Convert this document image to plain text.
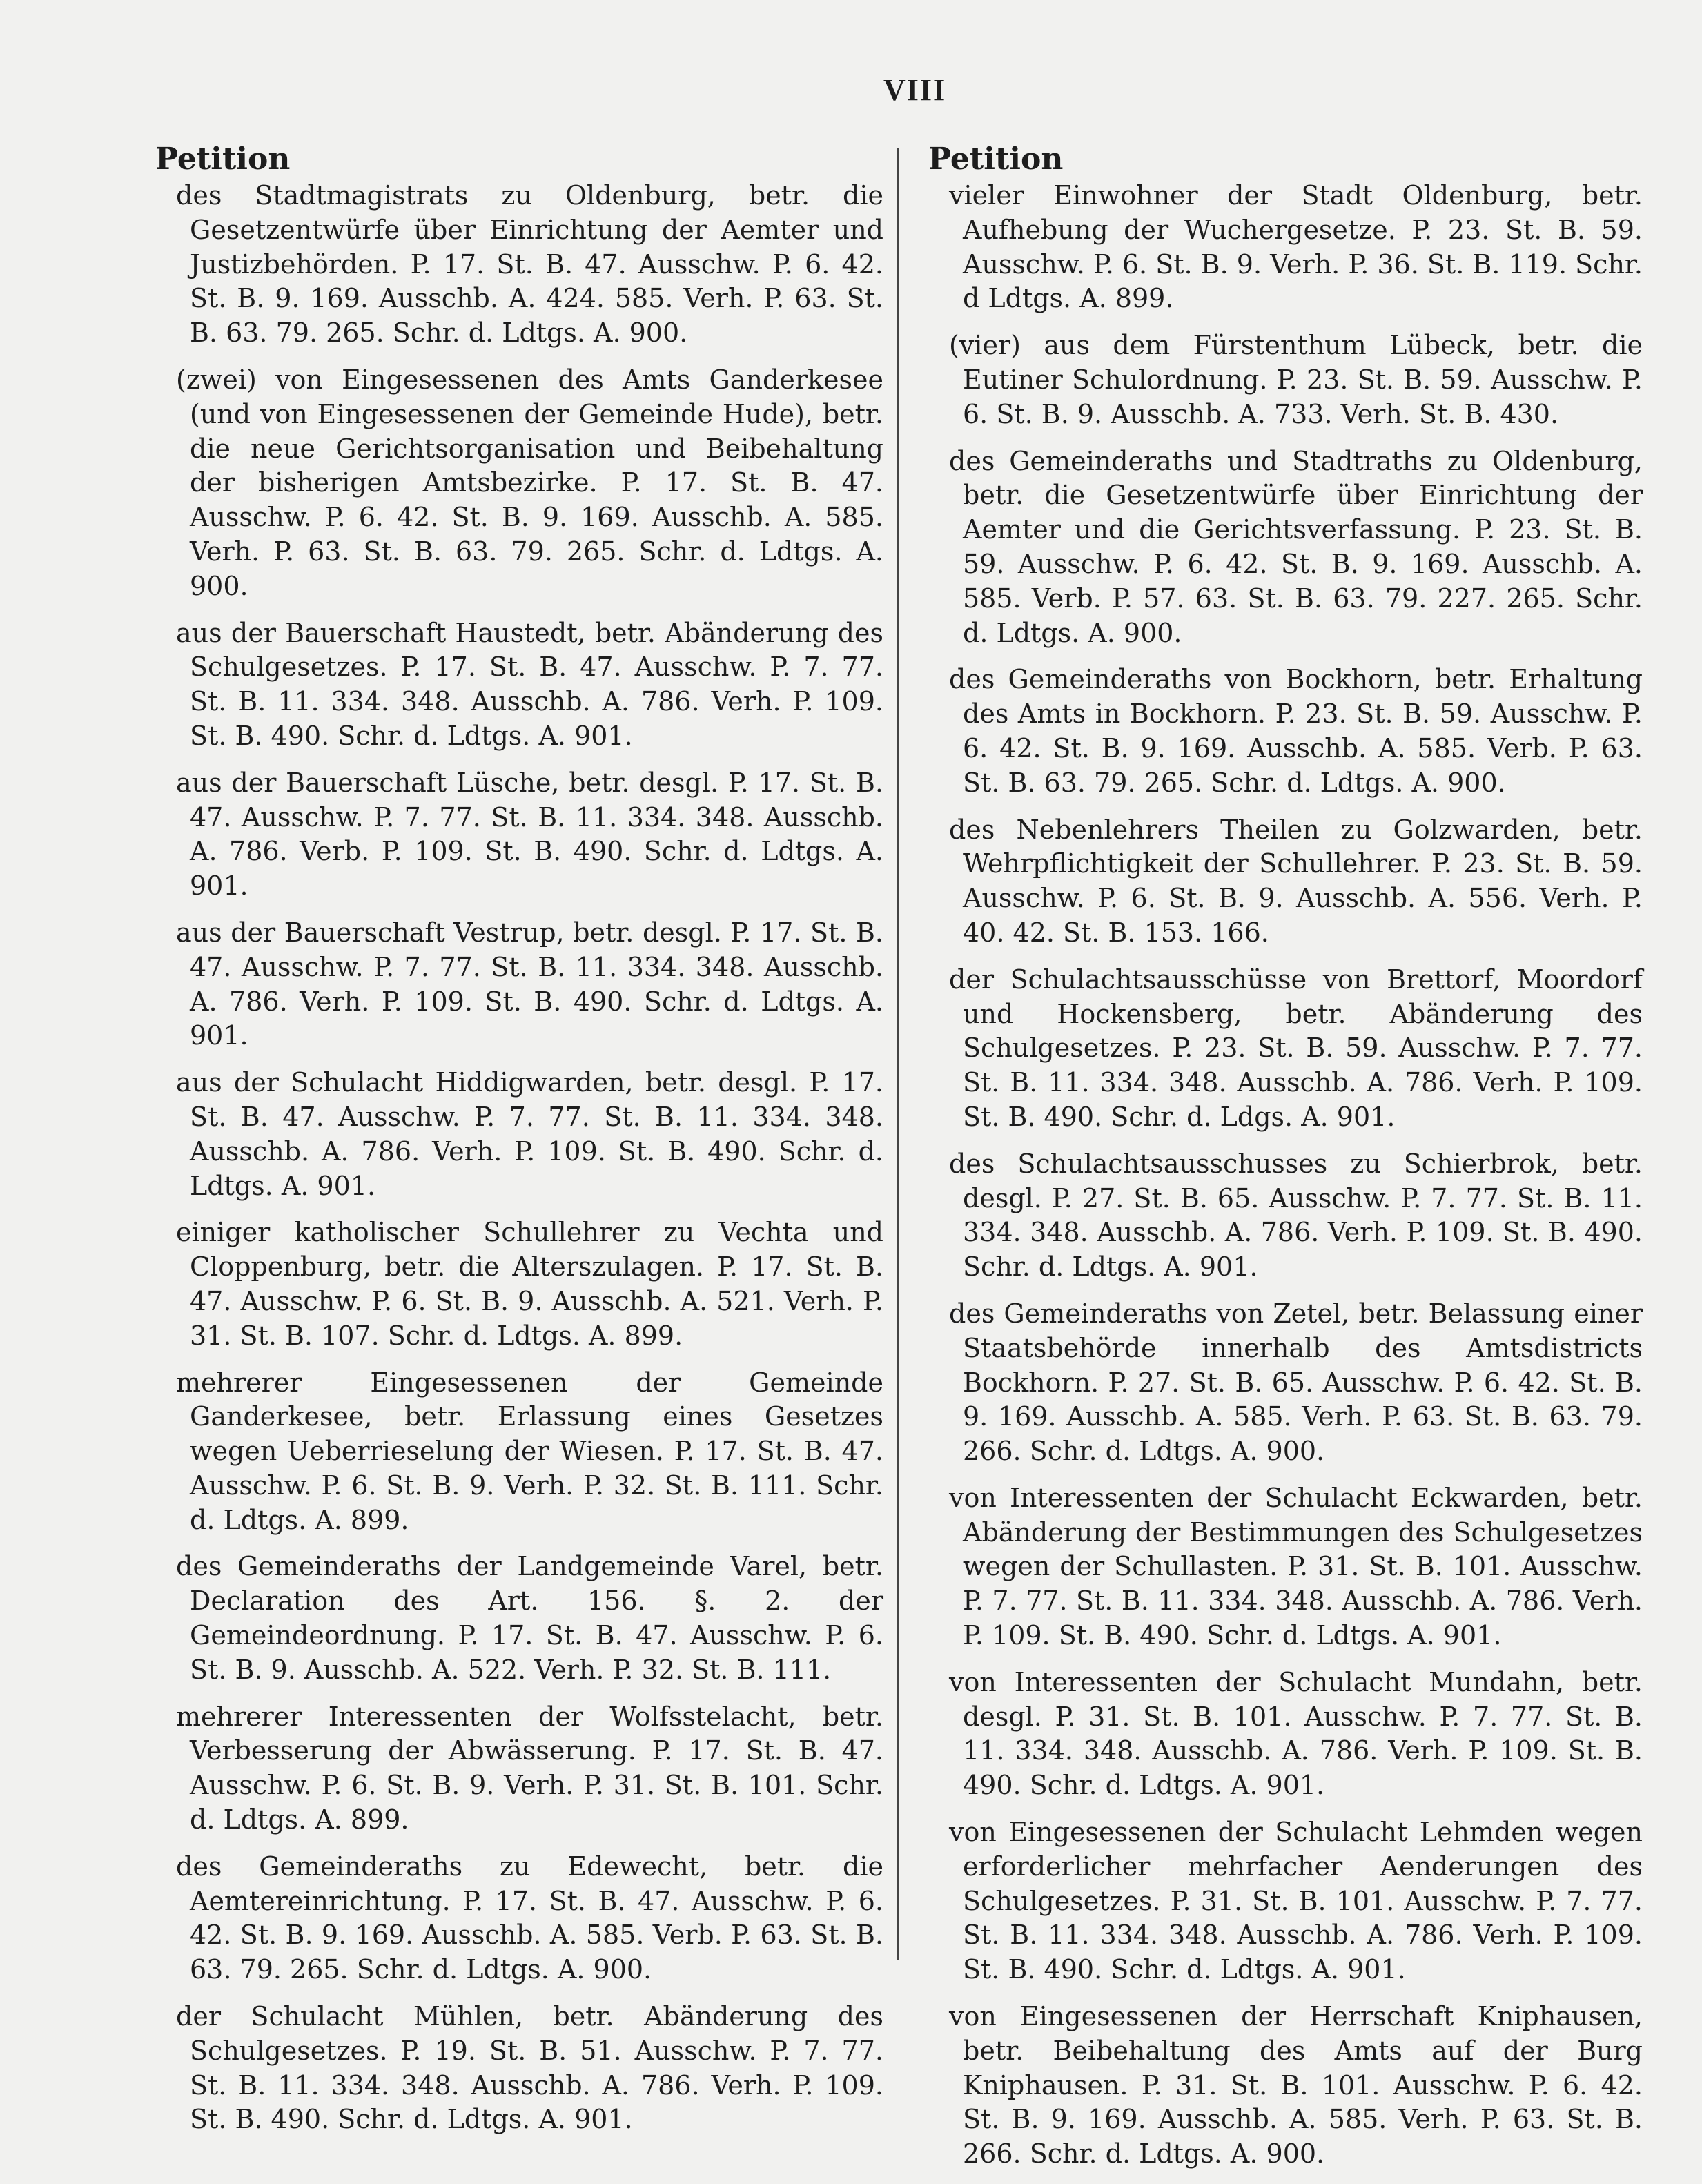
VIII
Petition

des Stadtmagistrats zu Oldenburg, betr. die Gesetzentwürfe über Einrichtung der Aemter und Justizbehörden. P. 17. St. B. 47. Ausschw. P. 6. 42. St. B. 9. 169. Ausschb. A. 424. 585. Verh. P. 63. St. B. 63. 79. 265. Schr. d. Ldtgs. A. 900.

(zwei) von Eingesessenen des Amts Ganderkesee (und von Eingesessenen der Gemeinde Hude), betr. die neue Gerichtsorganisation und Beibehaltung der bisherigen Amtsbezirke. P. 17. St. B. 47. Ausschw. P. 6. 42. St. B. 9. 169. Ausschb. A. 585. Verh. P. 63. St. B. 63. 79. 265. Schr. d. Ldtgs. A. 900.

aus der Bauerschaft Haustedt, betr. Abänderung des Schulgesetzes. P. 17. St. B. 47. Ausschw. P. 7. 77. St. B. 11. 334. 348. Ausschb. A. 786. Verh. P. 109. St. B. 490. Schr. d. Ldtgs. A. 901.

aus der Bauerschaft Lüsche, betr. desgl. P. 17. St. B. 47. Ausschw. P. 7. 77. St. B. 11. 334. 348. Ausschb. A. 786. Verb. P. 109. St. B. 490. Schr. d. Ldtgs. A. 901.

aus der Bauerschaft Vestrup, betr. desgl. P. 17. St. B. 47. Ausschw. P. 7. 77. St. B. 11. 334. 348. Ausschb. A. 786. Verh. P. 109. St. B. 490. Schr. d. Ldtgs. A. 901.

aus der Schulacht Hiddigwarden, betr. desgl. P. 17. St. B. 47. Ausschw. P. 7. 77. St. B. 11. 334. 348. Ausschb. A. 786. Verh. P. 109. St. B. 490. Schr. d. Ldtgs. A. 901.

einiger katholischer Schullehrer zu Vechta und Cloppenburg, betr. die Alterszulagen. P. 17. St. B. 47. Ausschw. P. 6. St. B. 9. Ausschb. A. 521. Verh. P. 31. St. B. 107. Schr. d. Ldtgs. A. 899.

mehrerer Eingesessenen der Gemeinde Ganderkesee, betr. Erlassung eines Gesetzes wegen Ueberrieselung der Wiesen. P. 17. St. B. 47. Ausschw. P. 6. St. B. 9. Verh. P. 32. St. B. 111. Schr. d. Ldtgs. A. 899.

des Gemeinderaths der Landgemeinde Varel, betr. Declaration des Art. 156. §. 2. der Gemeindeordnung. P. 17. St. B. 47. Ausschw. P. 6. St. B. 9. Ausschb. A. 522. Verh. P. 32. St. B. 111.

mehrerer Interessenten der Wolfsstelacht, betr. Verbesserung der Abwässerung. P. 17. St. B. 47. Ausschw. P. 6. St. B. 9. Verh. P. 31. St. B. 101. Schr. d. Ldtgs. A. 899.

des Gemeinderaths zu Edewecht, betr. die Aemtereinrichtung. P. 17. St. B. 47. Ausschw. P. 6. 42. St. B. 9. 169. Ausschb. A. 585. Verb. P. 63. St. B. 63. 79. 265. Schr. d. Ldtgs. A. 900.

der Schulacht Mühlen, betr. Abänderung des Schulgesetzes. P. 19. St. B. 51. Ausschw. P. 7. 77. St. B. 11. 334. 348. Ausschb. A. 786. Verh. P. 109. St. B. 490. Schr. d. Ldtgs. A. 901.

Petition

vieler Einwohner der Stadt Oldenburg, betr. Aufhebung der Wuchergesetze. P. 23. St. B. 59. Ausschw. P. 6. St. B. 9. Verh. P. 36. St. B. 119. Schr. d Ldtgs. A. 899.

(vier) aus dem Fürstenthum Lübeck, betr. die Eutiner Schulordnung. P. 23. St. B. 59. Ausschw. P. 6. St. B. 9. Ausschb. A. 733. Verh. St. B. 430.

des Gemeinderaths und Stadtraths zu Oldenburg, betr. die Gesetzentwürfe über Einrichtung der Aemter und die Gerichtsverfassung. P. 23. St. B. 59. Ausschw. P. 6. 42. St. B. 9. 169. Ausschb. A. 585. Verb. P. 57. 63. St. B. 63. 79. 227. 265. Schr. d. Ldtgs. A. 900.

des Gemeinderaths von Bockhorn, betr. Erhaltung des Amts in Bockhorn. P. 23. St. B. 59. Ausschw. P. 6. 42. St. B. 9. 169. Ausschb. A. 585. Verb. P. 63. St. B. 63. 79. 265. Schr. d. Ldtgs. A. 900.

des Nebenlehrers Theilen zu Golzwarden, betr. Wehrpflichtigkeit der Schullehrer. P. 23. St. B. 59. Ausschw. P. 6. St. B. 9. Ausschb. A. 556. Verh. P. 40. 42. St. B. 153. 166.

der Schulachtsausschüsse von Brettorf, Moordorf und Hockensberg, betr. Abänderung des Schulgesetzes. P. 23. St. B. 59. Ausschw. P. 7. 77. St. B. 11. 334. 348. Ausschb. A. 786. Verh. P. 109. St. B. 490. Schr. d. Ldgs. A. 901.

des Schulachtsausschusses zu Schierbrok, betr. desgl. P. 27. St. B. 65. Ausschw. P. 7. 77. St. B. 11. 334. 348. Ausschb. A. 786. Verh. P. 109. St. B. 490. Schr. d. Ldtgs. A. 901.

des Gemeinderaths von Zetel, betr. Belassung einer Staatsbehörde innerhalb des Amtsdistricts Bockhorn. P. 27. St. B. 65. Ausschw. P. 6. 42. St. B. 9. 169. Ausschb. A. 585. Verh. P. 63. St. B. 63. 79. 266. Schr. d. Ldtgs. A. 900.

von Interessenten der Schulacht Eckwarden, betr. Abänderung der Bestimmungen des Schulgesetzes wegen der Schullasten. P. 31. St. B. 101. Ausschw. P. 7. 77. St. B. 11. 334. 348. Ausschb. A. 786. Verh. P. 109. St. B. 490. Schr. d. Ldtgs. A. 901.

von Interessenten der Schulacht Mundahn, betr. desgl. P. 31. St. B. 101. Ausschw. P. 7. 77. St. B. 11. 334. 348. Ausschb. A. 786. Verh. P. 109. St. B. 490. Schr. d. Ldtgs. A. 901.

von Eingesessenen der Schulacht Lehmden wegen erforderlicher mehrfacher Aenderungen des Schulgesetzes. P. 31. St. B. 101. Ausschw. P. 7. 77. St. B. 11. 334. 348. Ausschb. A. 786. Verh. P. 109. St. B. 490. Schr. d. Ldtgs. A. 901.

von Eingesessenen der Herrschaft Kniphausen, betr. Beibehaltung des Amts auf der Burg Kniphausen. P. 31. St. B. 101. Ausschw. P. 6. 42. St. B. 9. 169. Ausschb. A. 585. Verh. P. 63. St. B. 266. Schr. d. Ldtgs. A. 900.
